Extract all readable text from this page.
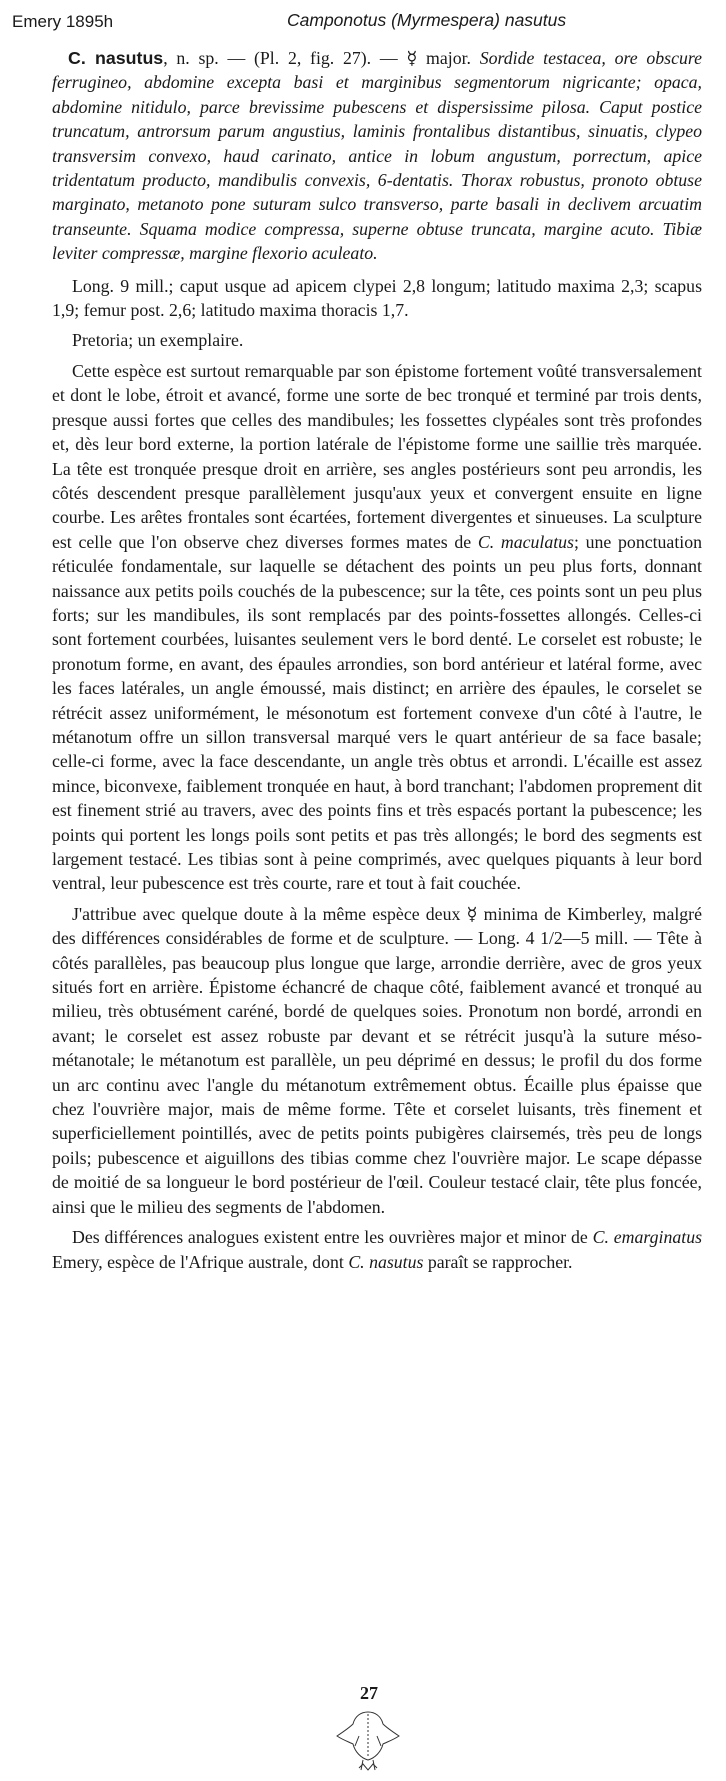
Emery 1895h	Camponotus (Myrmespera) nasutus

C. nasutus, n. sp. — (Pl. 2, fig. 27). — ☿ major. Sordide testacea, ore obscure ferrugineo, abdomine excepta basi et marginibus segmentorum nigricante; opaca, abdomine nitidulo, parce brevissime pubescens et dispersissime pilosa. Caput postice truncatum, antrorsum parum angustius, laminis frontalibus distantibus, sinuatis, clypeo transversim convexo, haud carinato, antice in lobum angustum, porrectum, apice tridentatum producto, mandibulis convexis, 6-dentatis. Thorax robustus, pronoto obtuse marginato, metanoto pone suturam sulco transverso, parte basali in declivem arcuatim transeunte. Squama modice compressa, superne obtuse truncata, margine acuto. Tibiæ leviter compressæ, margine flexorio aculeato.

Long. 9 mill.; caput usque ad apicem clypei 2,8 longum; latitudo maxima 2,3; scapus 1,9; femur post. 2,6; latitudo maxima thoracis 1,7.

Pretoria; un exemplaire.

Cette espèce est surtout remarquable par son épistome fortement voûté transversalement et dont le lobe, étroit et avancé, forme une sorte de bec tronqué et terminé par trois dents, presque aussi fortes que celles des mandibules; les fossettes clypéales sont très profondes et, dès leur bord externe, la portion latérale de l'épistome forme une saillie très marquée. La tête est tronquée presque droit en arrière, ses angles postérieurs sont peu arrondis, les côtés descendent presque parallèlement jusqu'aux yeux et convergent ensuite en ligne courbe. Les arêtes frontales sont écartées, fortement divergentes et sinueuses. La sculpture est celle que l'on observe chez diverses formes mates de C. maculatus; une ponctuation réticulée fondamentale, sur laquelle se détachent des points un peu plus forts, donnant naissance aux petits poils couchés de la pubescence; sur la tête, ces points sont un peu plus forts; sur les mandibules, ils sont remplacés par des points-fossettes allongés. Celles-ci sont fortement courbées, luisantes seulement vers le bord denté. Le corselet est robuste; le pronotum forme, en avant, des épaules arrondies, son bord antérieur et latéral forme, avec les faces latérales, un angle émoussé, mais distinct; en arrière des épaules, le corselet se rétrécit assez uniformément, le mésonotum est fortement convexe d'un côté à l'autre, le métanotum offre un sillon transversal marqué vers le quart antérieur de sa face basale; celle-ci forme, avec la face descendante, un angle très obtus et arrondi. L'écaille est assez mince, biconvexe, faiblement tronquée en haut, à bord tranchant; l'abdomen proprement dit est finement strié au travers, avec des points fins et très espacés portant la pubescence; les points qui portent les longs poils sont petits et pas très allongés; le bord des segments est largement testacé. Les tibias sont à peine comprimés, avec quelques piquants à leur bord ventral, leur pubescence est très courte, rare et tout à fait couchée.

J'attribue avec quelque doute à la même espèce deux ☿ minima de Kimberley, malgré des différences considérables de forme et de sculpture. — Long. 4 1/2—5 mill. — Tête à côtés parallèles, pas beaucoup plus longue que large, arrondie derrière, avec de gros yeux situés fort en arrière. Épistome échancré de chaque côté, faiblement avancé et tronqué au milieu, très obtusément caréné, bordé de quelques soies. Pronotum non bordé, arrondi en avant; le corselet est assez robuste par devant et se rétrécit jusqu'à la suture méso-métanotale; le métanotum est parallèle, un peu déprimé en dessus; le profil du dos forme un arc continu avec l'angle du métanotum extrêmement obtus. Écaille plus épaisse que chez l'ouvrière major, mais de même forme. Tête et corselet luisants, très finement et superficiellement pointillés, avec de petits points pubigères clairsemés, très peu de longs poils; pubescence et aiguillons des tibias comme chez l'ouvrière major. Le scape dépasse de moitié de sa longueur le bord postérieur de l'œil. Couleur testacé clair, tête plus foncée, ainsi que le milieu des segments de l'abdomen.

Des différences analogues existent entre les ouvrières major et minor de C. emarginatus Emery, espèce de l'Afrique australe, dont C. nasutus paraît se rapprocher.

27
